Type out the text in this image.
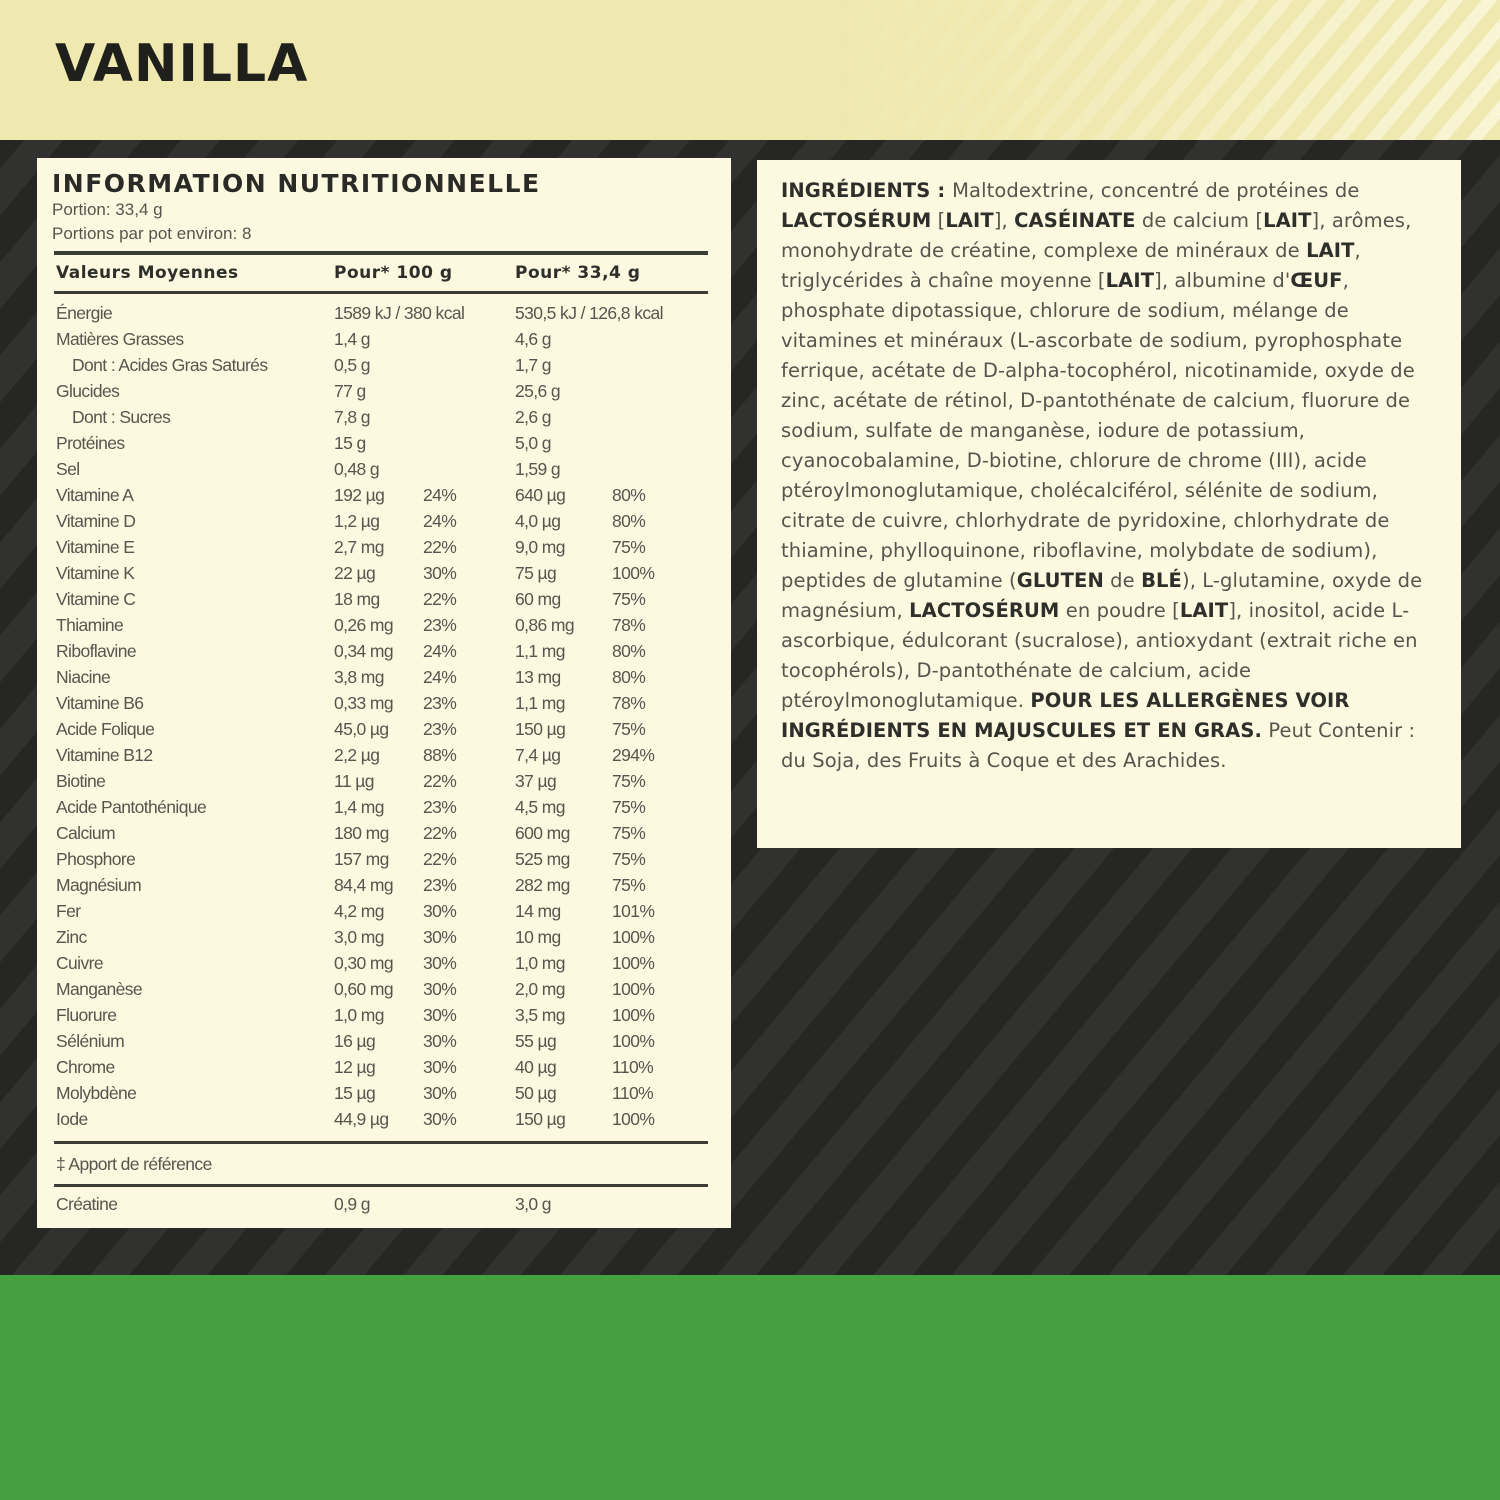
VANILLA
INFORMATION NUTRITIONNELLE
Portion: 33,4 g
Portions par pot environ: 8
Valeurs Moyennes	Pour* 100 g	Pour* 33,4 g
Énergie	1589 kJ / 380 kcal	530,5 kJ / 126,8 kcal
Matières Grasses	1,4 g	4,6 g
Dont : Acides Gras Saturés	0,5 g	1,7 g
Glucides	77 g	25,6 g
Dont : Sucres	7,8 g	2,6 g
Protéines	15 g	5,0 g
Sel	0,48 g	1,59 g
Vitamine A	192 µg 24%	640 µg	80%
Vitamine D	1,2 µg 24%	4,0 µg	80%
Vitamine E	2,7 mg 22%	9,0 mg	75%
Vitamine K	22 µg	30%	75 µg	100%
Vitamine C	18 mg 22%	60 mg	75%
Thiamine	0,26 mg 23%	0,86 mg 78%
Riboflavine	0,34 mg 24%	1,1 mg	80%
Niacine	3,8 mg 24%	13 mg	80%
Vitamine B6	0,33 mg 23%	1,1 mg	78%
Acide Folique	45,0 µg 23%	150 µg	75%
Vitamine B12	2,2 µg 88%	7,4 µg	294%
Biotine	11 µg	22%	37 µg	75%
Acide Pantothénique	1,4 mg 23%	4,5 mg	75%
Calcium	180 mg 22%	600 mg 75%
Phosphore	157 mg 22%	525 mg 75%
Magnésium	84,4 mg 23%	282 mg 75%
Fer	4,2 mg 30%	14 mg	101%
Zinc	3,0 mg 30%	10 mg	100%
Cuivre	0,30 mg 30%	1,0 mg	100%
Manganèse	0,60 mg 30%	2,0 mg	100%
Fluorure	1,0 mg 30%	3,5 mg	100%
Sélénium	16 µg	30%	55 µg	100%
Chrome	12 µg	30%	40 µg	110%
Molybdène	15 µg	30%	50 µg	110%
Iode	44,9 µg 30%	150 µg	100%
‡ Apport de référence
Créatine	0,9 g	3,0 g

INGRÉDIENTS : Maltodextrine, concentré de protéines de LACTOSÉRUM [LAIT], CASÉINATE de calcium [LAIT], arômes, monohydrate de créatine, complexe de minéraux de LAIT, triglycérides à chaîne moyenne [LAIT], albumine d'ŒUF, phosphate dipotassique, chlorure de sodium, mélange de vitamines et minéraux (L-ascorbate de sodium, pyrophosphate ferrique, acétate de D-alpha-tocophérol, nicotinamide, oxyde de zinc, acétate de rétinol, D-pantothénate de calcium, fluorure de sodium, sulfate de manganèse, iodure de potassium, cyanocobalamine, D-biotine, chlorure de chrome (III), acide ptéroylmonoglutamique, cholécalciférol, sélénite de sodium, citrate de cuivre, chlorhydrate de pyridoxine, chlorhydrate de thiamine, phylloquinone, riboflavine, molybdate de sodium), peptides de glutamine (GLUTEN de BLÉ), L-glutamine, oxyde de magnésium, LACTOSÉRUM en poudre [LAIT], inositol, acide L-ascorbique, édulcorant (sucralose), antioxydant (extrait riche en tocophérols), D-pantothénate de calcium, acide ptéroylmonoglutamique. POUR LES ALLERGÈNES VOIR INGRÉDIENTS EN MAJUSCULES ET EN GRAS. Peut Contenir : du Soja, des Fruits à Coque et des Arachides.
